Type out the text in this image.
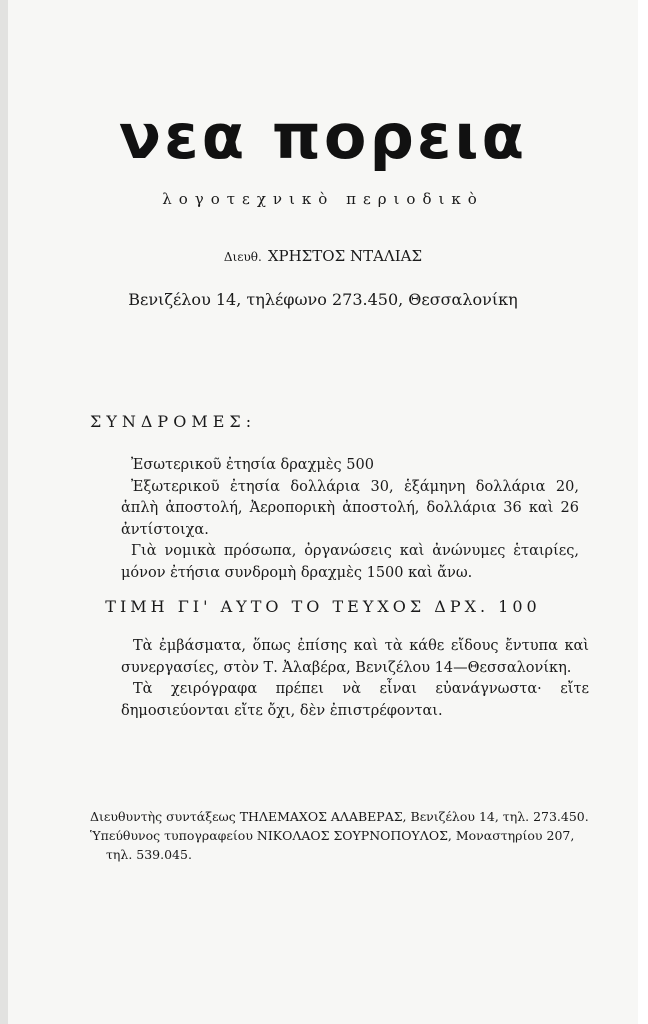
νεα πορεια
λογοτεχνικὸ περιοδικὸ
Διευθ. ΧΡΗΣΤΟΣ ΝΤΑΛΙΑΣ
Βενιζέλου 14, τηλέφωνο 273.450, Θεσσαλονίκη
ΣΥΝΔΡΟΜΕΣ:

Ἐσωτερικοῦ ἐτησία δραχμὲς 500

Ἐξωτερικοῦ ἐτησία δολλάρια 30, ἑξάμηνη δολλάρια 20, ἁπλὴ ἀποστολή, Ἀεροπορικὴ ἀποστολή, δολλάρια 36 καὶ 26 ἀντίστοιχα.

Γιὰ νομικὰ πρόσωπα, ὀργανώσεις καὶ ἀνώνυμες ἑταιρίες, μόνον ἐτήσια συνδρομὴ δραχμὲς 1500 καὶ ἄνω.

ΤΙΜΗ ΓΙ' ΑΥΤΟ ΤΟ ΤΕΥΧΟΣ ΔΡΧ. 100

Τὰ ἐμβάσματα, ὅπως ἐπίσης καὶ τὰ κάθε εἴδους ἔντυπα καὶ συνεργασίες, στὸν Τ. Ἀλαβέρα, Βενιζέλου 14—Θεσσαλονίκη.

Τὰ χειρόγραφα πρέπει νὰ εἶναι εὐανάγνωστα· εἴτε δημοσιεύονται εἴτε ὄχι, δὲν ἐπιστρέφονται.

Διευθυντὴς συντάξεως ΤΗΛΕΜΑΧΟΣ ΑΛΑΒΕΡΑΣ, Βενιζέλου 14, τηλ. 273.450.

Ὑπεύθυνος τυπογραφείου ΝΙΚΟΛΑΟΣ ΣΟΥΡΝΟΠΟΥΛΟΣ, Μοναστηρίου 207,

τηλ. 539.045.
